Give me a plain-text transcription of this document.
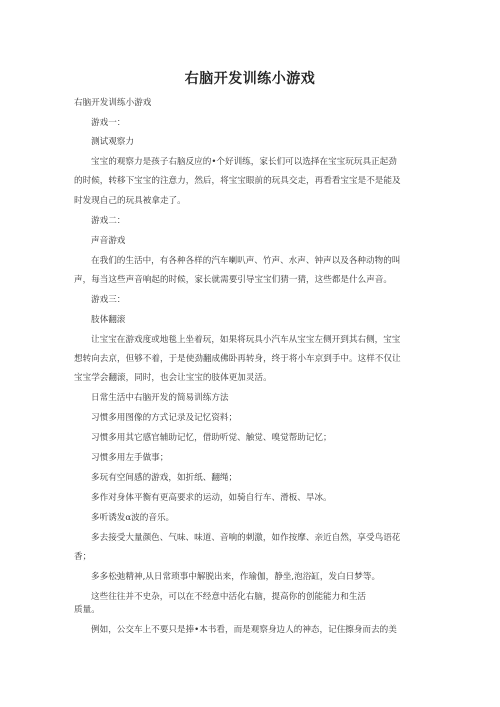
右脑开发训练小游戏
右脑开发训练小游戏
游戏一：
测试观察力
宝宝的观察力是孩子右脑反应的•个好训练，家长们可以选择在宝宝玩玩具正起劲
的时候，转移下宝宝的注意力，然后，将宝宝眼前的玩具交走，再看看宝宝是不是能及
时发现自己的玩具被拿走了。
游戏二：
声音游戏
在我们的生活中，有各种各样的汽车喇叭声、竹声、水声、钟声以及各种动物的叫
声，每当这些声音响起的时候，家长就需要引导宝宝们猜一猜，这些都是什么声音。
游戏三：
肢体翻滚
让宝宝在游戏度或地毯上坐着玩，如果将玩具小汽车从宝宝左侧开到其右侧，宝宝
想转向去京，但够不着，于是使劲翻成佛卧再转身，终于将小车京到手中。这样不仅让
宝宝学会翻滚，同时，也会让宝宝的肢体更加灵活。
日常生活中右脑开发的简易训练方法
习惯多用图像的方式记录及记忆资料；
习惯多用其它感官辅助记忆，借助听觉、触觉、嗅觉帮助记忆；
习惯多用左手做事；
多玩有空间感的游戏，如折纸、翻绳；
多作对身体平衡有更高要求的运动，如骑自行车、滑板、旱冰。
多听诱发α波的音乐。
多去接受大量颜色、气味、味道、音响的刺激，如作按摩、亲近自然，享受鸟语花
香；
多多松弛精神,从日常琐事中解脱出来，作瑜伽，静坐,泡浴缸，发白日梦等。
这些往往并不史杂，可以在不经意中活化右脑，提高你的创能能力和生活
质量。
例如，公交车上不要只是捧•本书看，而是观察身边人的神态，记住擦身而去的美
